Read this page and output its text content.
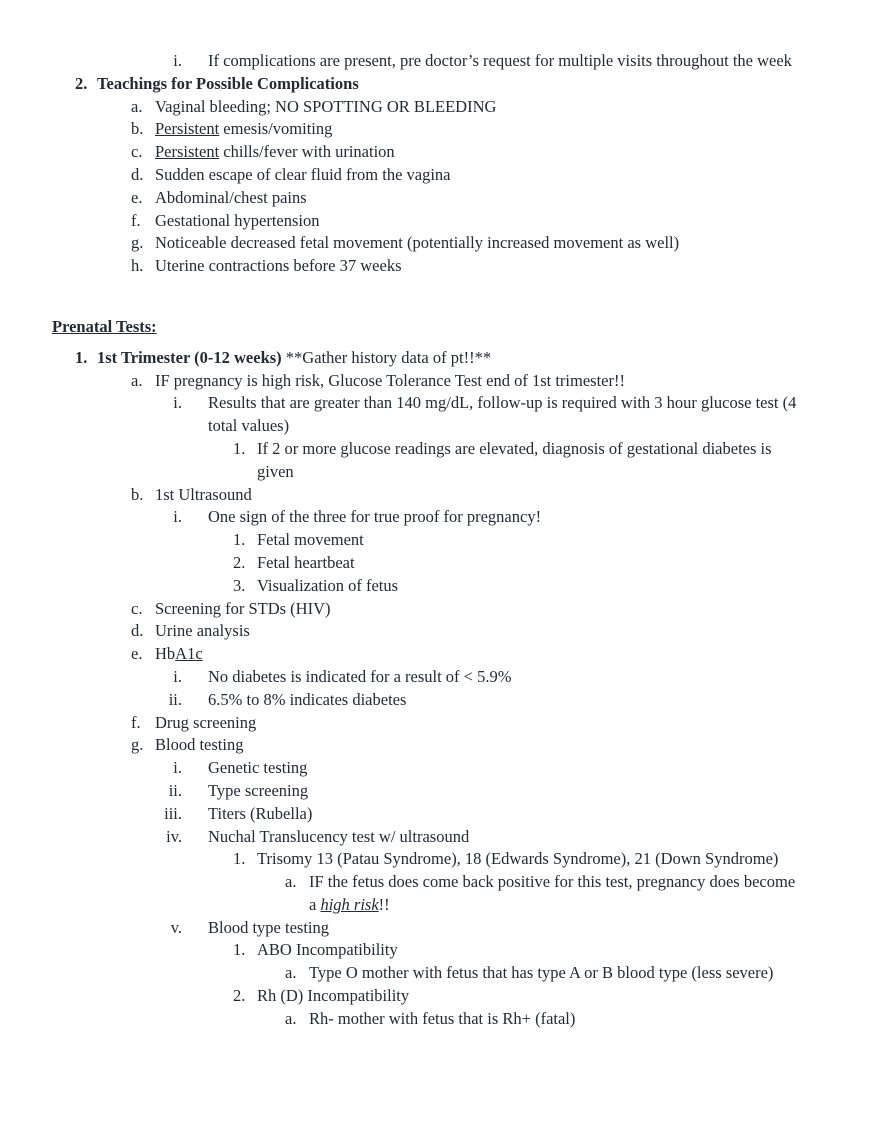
i. If complications are present, pre doctor’s request for multiple visits throughout the week
2. Teachings for Possible Complications
a. Vaginal bleeding; NO SPOTTING OR BLEEDING
b. Persistent emesis/vomiting
c. Persistent chills/fever with urination
d. Sudden escape of clear fluid from the vagina
e. Abdominal/chest pains
f. Gestational hypertension
g. Noticeable decreased fetal movement (potentially increased movement as well)
h. Uterine contractions before 37 weeks
Prenatal Tests:
1. 1st Trimester (0-12 weeks) **Gather history data of pt!!**
a. IF pregnancy is high risk, Glucose Tolerance Test end of 1st trimester!!
i. Results that are greater than 140 mg/dL, follow-up is required with 3 hour glucose test (4
total values)
1. If 2 or more glucose readings are elevated, diagnosis of gestational diabetes is
given
b. 1st Ultrasound
i. One sign of the three for true proof for pregnancy!
1. Fetal movement
2. Fetal heartbeat
3. Visualization of fetus
c. Screening for STDs (HIV)
d. Urine analysis
e. HbA1c
i. No diabetes is indicated for a result of < 5.9%
ii. 6.5% to 8% indicates diabetes
f. Drug screening
g. Blood testing
i. Genetic testing
ii. Type screening
iii. Titers (Rubella)
iv. Nuchal Translucency test w/ ultrasound
1. Trisomy 13 (Patau Syndrome), 18 (Edwards Syndrome), 21 (Down Syndrome)
a. IF the fetus does come back positive for this test, pregnancy does become
a high risk!!
v. Blood type testing
1. ABO Incompatibility
a. Type O mother with fetus that has type A or B blood type (less severe)
2. Rh (D) Incompatibility
a. Rh- mother with fetus that is Rh+ (fatal)
